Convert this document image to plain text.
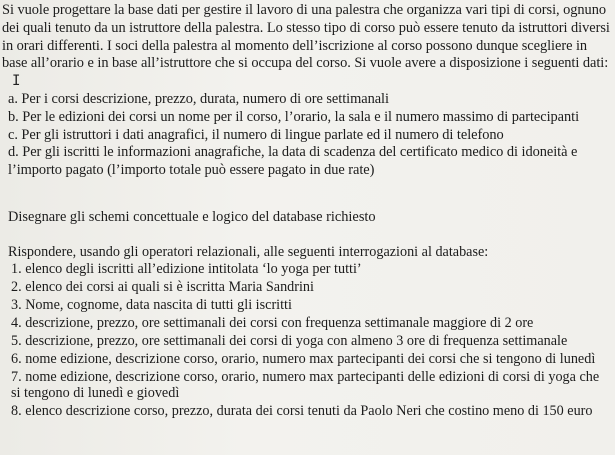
Si vuole progettare la base dati per gestire il lavoro di una palestra che organizza vari tipi di corsi, ognuno dei quali tenuto da un istruttore della palestra. Lo stesso tipo di corso può essere tenuto da istruttori diversi in orari differenti. I soci della palestra al momento dell’iscrizione al corso possono dunque scegliere in base all’orario e in base all’istruttore che si occupa del corso. Si vuole avere a disposizione i seguenti dati:I
a. Per i corsi descrizione, prezzo, durata, numero di ore settimanali
b. Per le edizioni dei corsi un nome per il corso, l’orario, la sala e il numero massimo di partecipanti
c. Per gli istruttori i dati anagrafici, il numero di lingue parlate ed il numero di telefono
d. Per gli iscritti le informazioni anagrafiche, la data di scadenza del certificato medico di idoneità e l’importo pagato (l’importo totale può essere pagato in due rate)
Disegnare gli schemi concettuale e logico del database richiesto
Rispondere, usando gli operatori relazionali, alle seguenti interrogazioni al database:
1. elenco degli iscritti all’edizione intitolata ‘lo yoga per tutti’
2. elenco dei corsi ai quali si è iscritta Maria Sandrini
3. Nome, cognome, data nascita di tutti gli iscritti
4. descrizione, prezzo, ore settimanali dei corsi con frequenza settimanale maggiore di 2 ore
5. descrizione, prezzo, ore settimanali dei corsi di yoga con almeno 3 ore di frequenza settimanale
6. nome edizione, descrizione corso, orario, numero max partecipanti dei corsi che si tengono di lunedì
7. nome edizione, descrizione corso, orario, numero max partecipanti delle edizioni di corsi di yoga che si tengono di lunedì e giovedì
8. elenco descrizione corso, prezzo, durata dei corsi tenuti da Paolo Neri che costino meno di 150 euro
